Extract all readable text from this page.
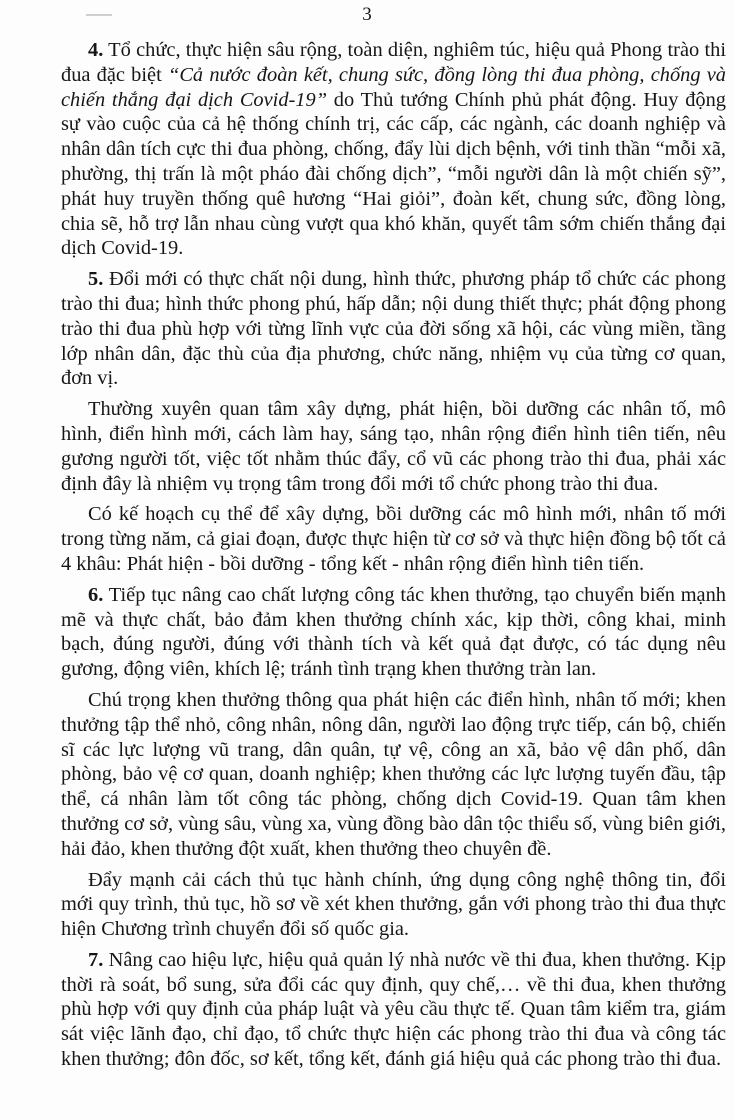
3

4. Tổ chức, thực hiện sâu rộng, toàn diện, nghiêm túc, hiệu quả Phong trào thi đua đặc biệt “Cả nước đoàn kết, chung sức, đồng lòng thi đua phòng, chống và chiến thắng đại dịch Covid-19” do Thủ tướng Chính phủ phát động. Huy động sự vào cuộc của cả hệ thống chính trị, các cấp, các ngành, các doanh nghiệp và nhân dân tích cực thi đua phòng, chống, đẩy lùi dịch bệnh, với tinh thần “mỗi xã, phường, thị trấn là một pháo đài chống dịch”, “mỗi người dân là một chiến sỹ”, phát huy truyền thống quê hương “Hai giỏi”, đoàn kết, chung sức, đồng lòng, chia sẽ, hỗ trợ lẫn nhau cùng vượt qua khó khăn, quyết tâm sớm chiến thắng đại dịch Covid-19.

5. Đổi mới có thực chất nội dung, hình thức, phương pháp tổ chức các phong trào thi đua; hình thức phong phú, hấp dẫn; nội dung thiết thực; phát động phong trào thi đua phù hợp với từng lĩnh vực của đời sống xã hội, các vùng miền, tầng lớp nhân dân, đặc thù của địa phương, chức năng, nhiệm vụ của từng cơ quan, đơn vị.

Thường xuyên quan tâm xây dựng, phát hiện, bồi dưỡng các nhân tố, mô hình, điển hình mới, cách làm hay, sáng tạo, nhân rộng điển hình tiên tiến, nêu gương người tốt, việc tốt nhằm thúc đẩy, cổ vũ các phong trào thi đua, phải xác định đây là nhiệm vụ trọng tâm trong đổi mới tổ chức phong trào thi đua.

Có kế hoạch cụ thể để xây dựng, bồi dưỡng các mô hình mới, nhân tố mới trong từng năm, cả giai đoạn, được thực hiện từ cơ sở và thực hiện đồng bộ tốt cả 4 khâu: Phát hiện - bồi dưỡng - tổng kết - nhân rộng điển hình tiên tiến.

6. Tiếp tục nâng cao chất lượng công tác khen thưởng, tạo chuyển biến mạnh mẽ và thực chất, bảo đảm khen thưởng chính xác, kịp thời, công khai, minh bạch, đúng người, đúng với thành tích và kết quả đạt được, có tác dụng nêu gương, động viên, khích lệ; tránh tình trạng khen thưởng tràn lan.

Chú trọng khen thưởng thông qua phát hiện các điển hình, nhân tố mới; khen thưởng tập thể nhỏ, công nhân, nông dân, người lao động trực tiếp, cán bộ, chiến sĩ các lực lượng vũ trang, dân quân, tự vệ, công an xã, bảo vệ dân phố, dân phòng, bảo vệ cơ quan, doanh nghiệp; khen thưởng các lực lượng tuyến đầu, tập thể, cá nhân làm tốt công tác phòng, chống dịch Covid-19. Quan tâm khen thưởng cơ sở, vùng sâu, vùng xa, vùng đồng bào dân tộc thiểu số, vùng biên giới, hải đảo, khen thưởng đột xuất, khen thưởng theo chuyên đề.

Đẩy mạnh cải cách thủ tục hành chính, ứng dụng công nghệ thông tin, đổi mới quy trình, thủ tục, hồ sơ về xét khen thưởng, gắn với phong trào thi đua thực hiện Chương trình chuyển đổi số quốc gia.

7. Nâng cao hiệu lực, hiệu quả quản lý nhà nước về thi đua, khen thưởng. Kịp thời rà soát, bổ sung, sửa đổi các quy định, quy chế,… về thi đua, khen thưởng phù hợp với quy định của pháp luật và yêu cầu thực tế. Quan tâm kiểm tra, giám sát việc lãnh đạo, chỉ đạo, tổ chức thực hiện các phong trào thi đua và công tác khen thưởng; đôn đốc, sơ kết, tổng kết, đánh giá hiệu quả các phong trào thi đua.
